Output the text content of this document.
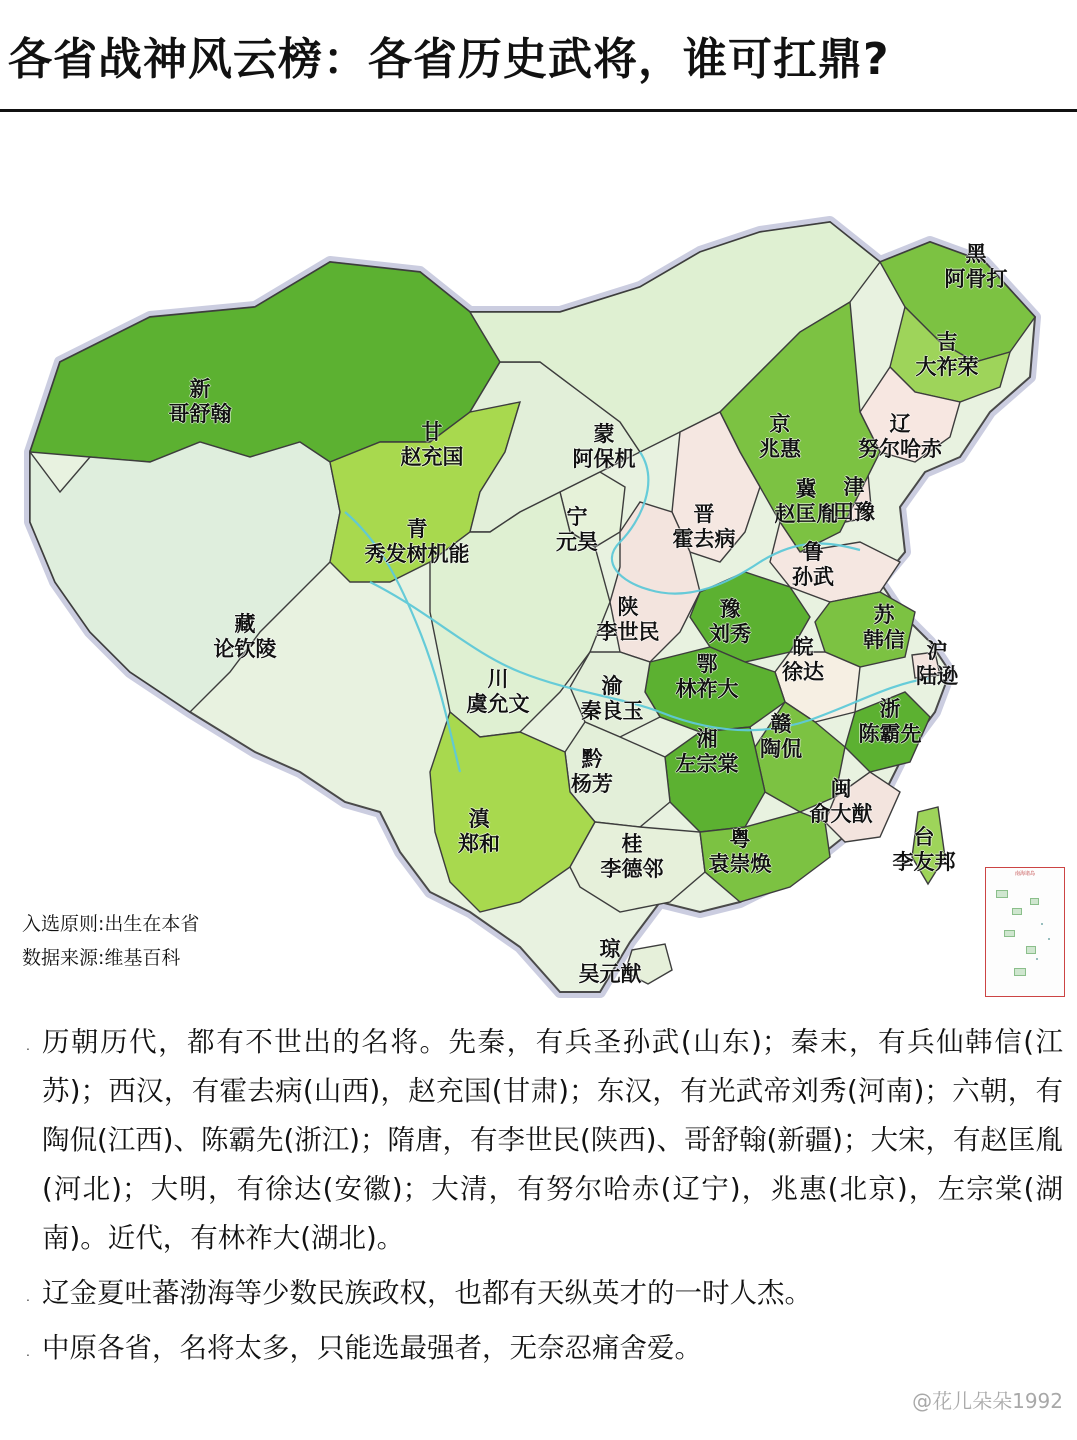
各省战神风云榜：各省历史武将，谁可扛鼎?
黑
阿骨打
吉
大祚荣
辽
努尔哈赤
新
哥舒翰
甘
赵充国
蒙
阿保机
京
兆惠
津
田豫
冀
赵匡胤
青
秀发树机能
宁
元昊
晋
霍去病
鲁
孙武
藏
论钦陵
陕
李世民
豫
刘秀
苏
韩信
皖
徐达
沪
陆逊
鄂
林祚大
川
虞允文
渝
秦良玉	浙
陈霸先
赣
陶侃
湘
左宗棠
黔
杨芳	闽
俞大猷
滇
郑和	桂
李德邻
粤
袁崇焕
台
李友邦
琼
吴元猷
入选原则:出生在本省
数据来源:维基百科
南海诸岛
· 历朝历代，都有不世出的名将。先秦，有兵圣孙武(山东)；秦末，有兵仙韩信(江苏)；西汉，有霍去病(山西)，赵充国(甘肃)；东汉，有光武帝刘秀(河南)；六朝，有陶侃(江西)、陈霸先(浙江)；隋唐，有李世民(陕西)、哥舒翰(新疆)；大宋，有赵匡胤(河北)；大明，有徐达(安徽)；大清，有努尔哈赤(辽宁)，兆惠(北京)，左宗棠(湖南)。近代，有林祚大(湖北)。
· 辽金夏吐蕃渤海等少数民族政权，也都有天纵英才的一时人杰。
· 中原各省，名将太多，只能选最强者，无奈忍痛舍爱。
@花儿朵朵1992
